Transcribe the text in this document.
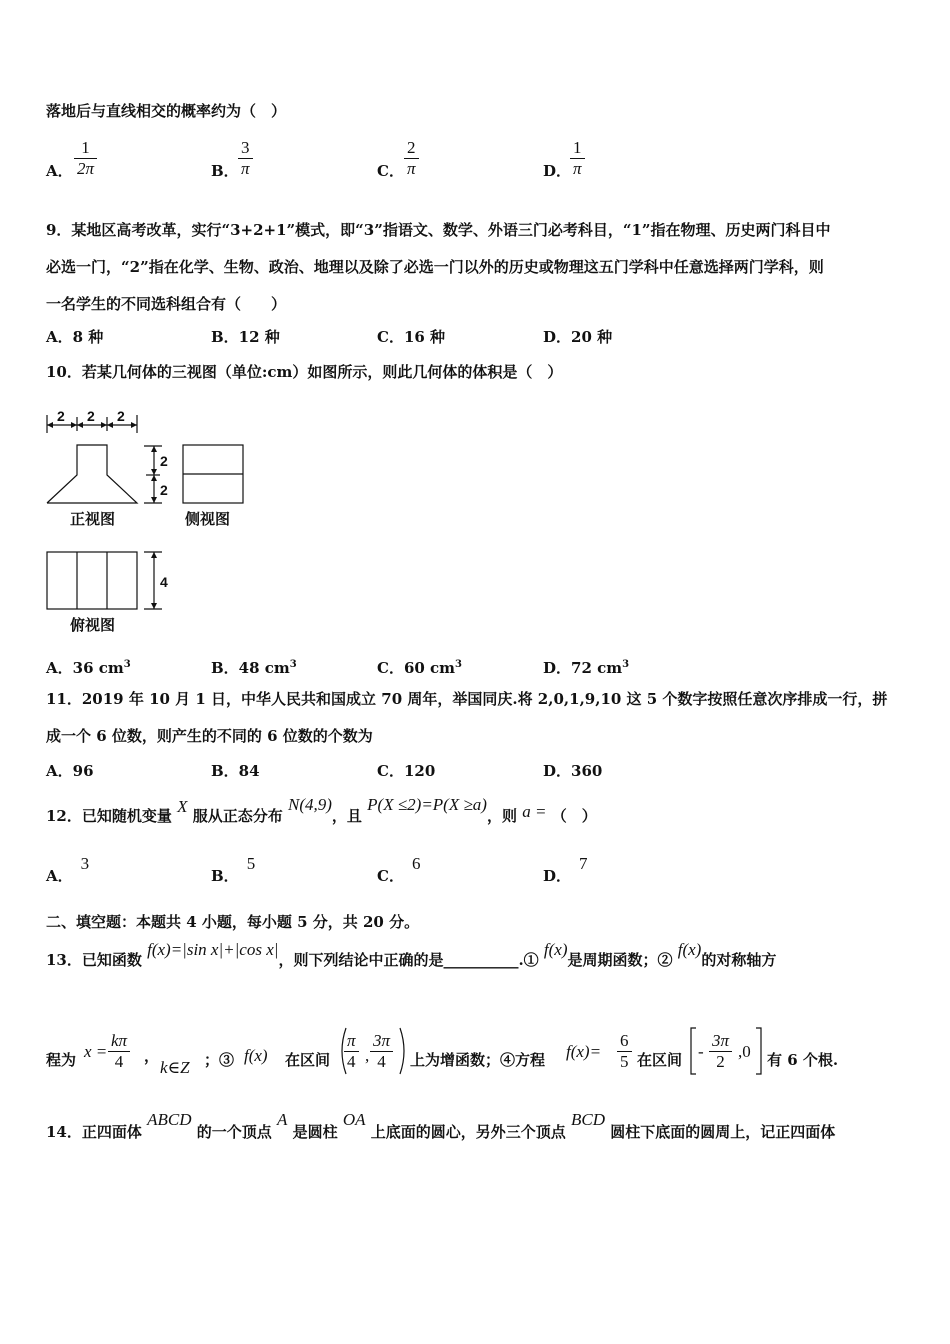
落地后与直线相交的概率约为（　）
A． $\frac{1}{2\pi}$	B． $\frac{3}{\pi}$	C． $\frac{2}{\pi}$	D．
$\frac{1}{\pi}$
9．某地区高考改革，实行“3+2+1”模式，即“3”指语文、数学、外语三门必考科目，“1”指在物理、历史两门科目中
必选一门，“2”指在化学、生物、政治、地理以及除了必选一门以外的历史或物理这五门学科中任意选择两门学科，则
一名学生的不同选科组合有（　　）
A．8 种	B．12 种	C．16 种	D．20 种
10．若某几何体的三视图（单位:cm）如图所示，则此几何体的体积是（　）
2 2 2
2
2
4
正视图	侧视图
俯视图
A．36 $cm^3$	B．48 $cm^3$	C．60 $cm^3$	D．72 $cm^3$
11．2019 年 10 月 1 日，中华人民共和国成立 70 周年，举国同庆.将 2,0,1,9,10 这 5 个数字按照任意次序排成一行，拼
成一个 6 位数，则产生的不同的 6 位数的个数为
A．96	B．84	C．120	D．360
12．已知随机变量 X 服从正态分布 N(4,9)，且 P(X ≤2)=P(X ≥a)，则 a = （　）
A．3
B．5
C．6
D．7
二、填空题：本题共 4 小题，每小题 5 分，共 20 分。
13．已知函数 f(x)=|sin x|+|cos x|，则下列结论中正确的是__________.① f(x)是周期函数；② f(x)的对称轴方
程为 $x = \frac{k\pi}{4}$ ，
k∈Z ；③ f(x) 在区间 $\frac{\pi}{4}$ , $\frac{3\pi}{4}$ 上为增函数；④方程 $f(x)= \frac{6}{5}$ 在区间 - $\frac{3\pi}{2} ,0$ 有 6 个根.
14．正四面体 ABCD 的一个顶点 A 是圆柱 OA 上底面的圆心，另外三个顶点 BCD 圆柱下底面的圆周上，记正四面体
